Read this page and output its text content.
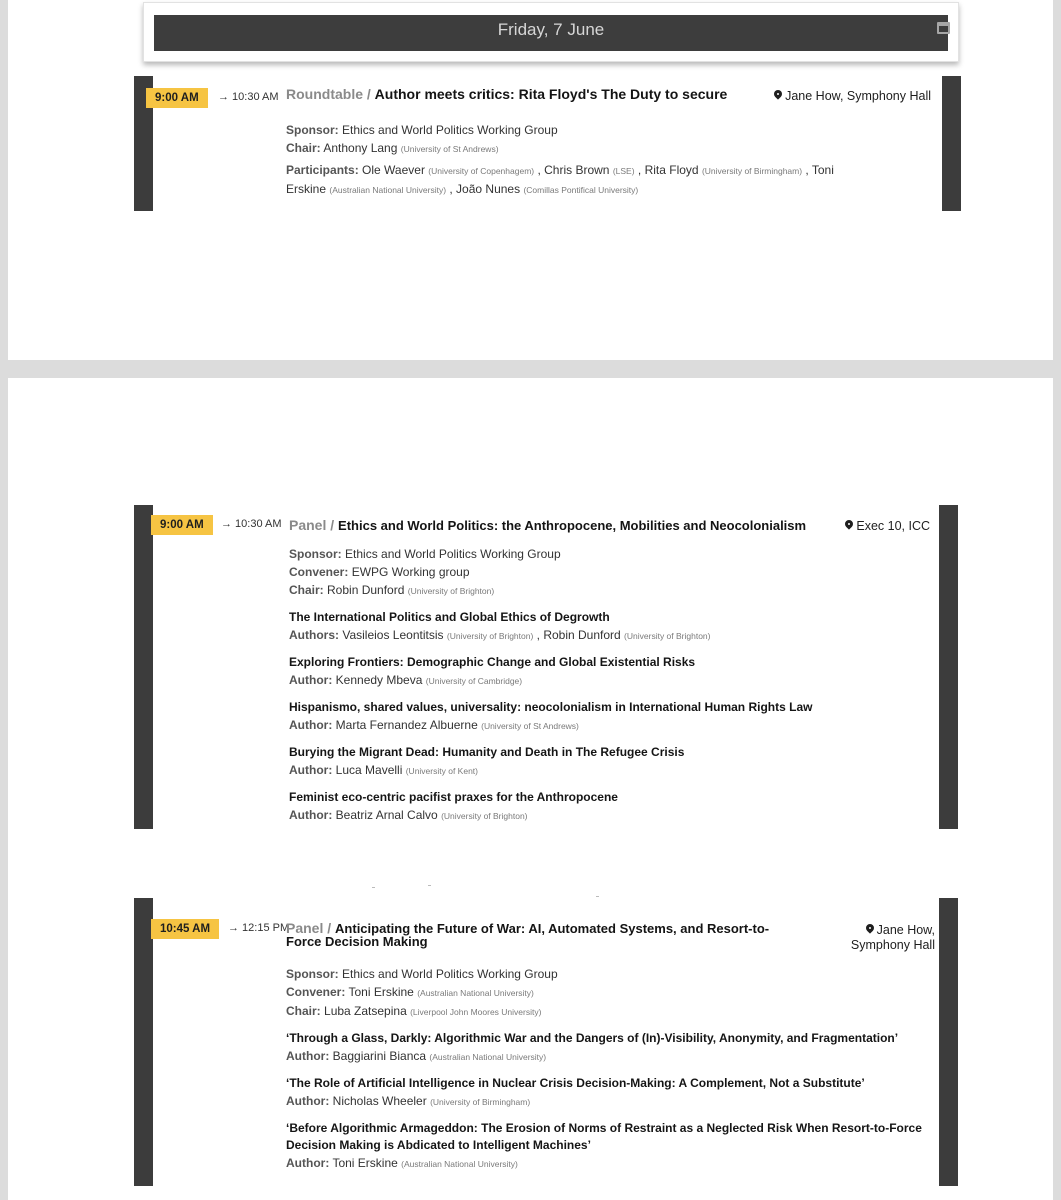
Friday, 7 June
9:00 AM	→ 10:30 AM Roundtable / Author meets critics: Rita Floyd's The Duty to secure	Jane How, Symphony Hall
Sponsor: Ethics and World Politics Working Group
Chair: Anthony Lang (University of St Andrews)
Participants: Ole Waever (University of Copenhagem) , Chris Brown (LSE) , Rita Floyd (University of Birmingham) , Toni
Erskine (Australian National University) , João Nunes (Comillas Pontifical University)
9:00 AM	→ 10:30 AM Panel / Ethics and World Politics: the Anthropocene, Mobilities and Neocolonialism	Exec 10, ICC
Sponsor: Ethics and World Politics Working Group
Convener: EWPG Working group
Chair: Robin Dunford (University of Brighton)
The International Politics and Global Ethics of Degrowth
Authors: Vasileios Leontitsis (University of Brighton) , Robin Dunford (University of Brighton)
Exploring Frontiers: Demographic Change and Global Existential Risks
Author: Kennedy Mbeva (University of Cambridge)
Hispanismo, shared values, universality: neocolonialism in International Human Rights Law
Author: Marta Fernandez Albuerne (University of St Andrews)
Burying the Migrant Dead: Humanity and Death in The Refugee Crisis
Author: Luca Mavelli (University of Kent)
Feminist eco-centric pacifist praxes for the Anthropocene
Author: Beatriz Arnal Calvo (University of Brighton)
10:45 AM	→ 12:15 PM
Panel / Anticipating the Future of War: AI, Automated Systems, and Resort-to-
Force Decision Making
Jane How,
Symphony Hall
Sponsor: Ethics and World Politics Working Group
Convener: Toni Erskine (Australian National University)
Chair: Luba Zatsepina (Liverpool John Moores University)
‘Through a Glass, Darkly: Algorithmic War and the Dangers of (In)-Visibility, Anonymity, and Fragmentation’
Author: Baggiarini Bianca (Australian National University)
‘The Role of Artificial Intelligence in Nuclear Crisis Decision-Making: A Complement, Not a Substitute’
Author: Nicholas Wheeler (University of Birmingham)
‘Before Algorithmic Armageddon: The Erosion of Norms of Restraint as a Neglected Risk When Resort-to-Force
Decision Making is Abdicated to Intelligent Machines’
Author: Toni Erskine (Australian National University)
